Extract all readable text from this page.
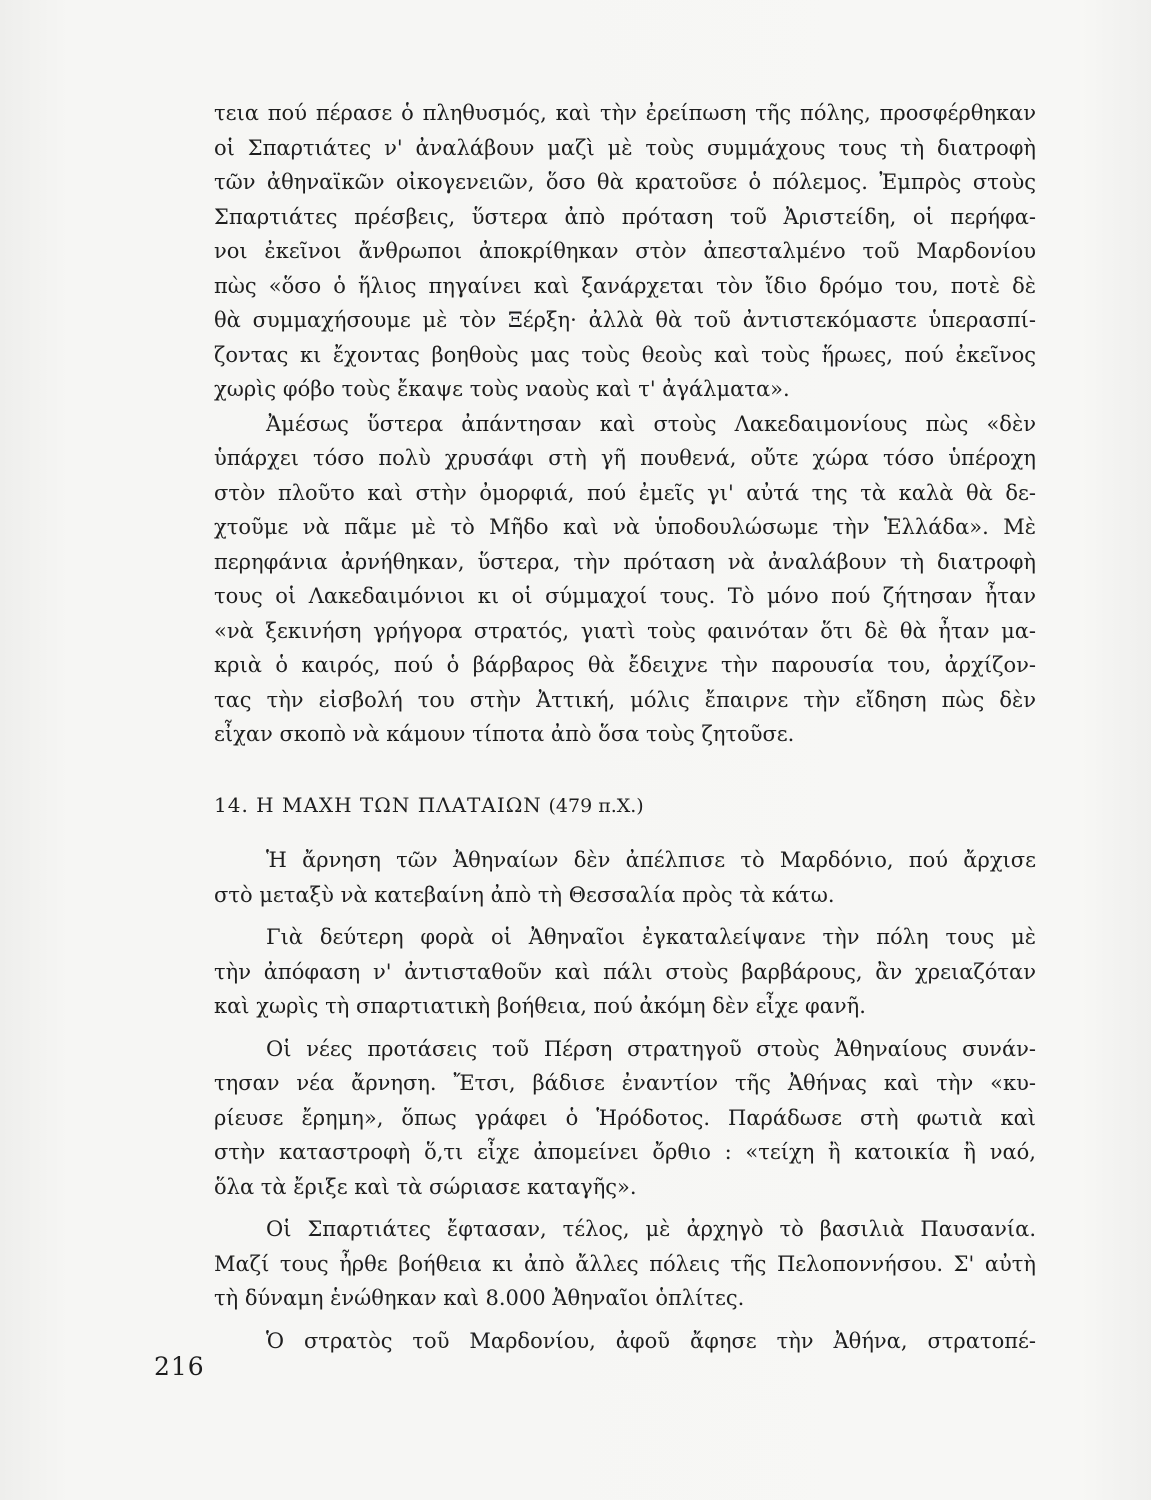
τεια πού πέρασε ὁ πληθυσμός, καὶ τὴν ἐρείπωση τῆς πόλης, προσφέρθηκαν

οἱ Σπαρτιάτες ν' ἀναλάβουν μαζὶ μὲ τοὺς συμμάχους τους τὴ διατροφὴ

τῶν ἀθηναϊκῶν οἰκογενειῶν, ὅσο θὰ κρατοῦσε ὁ πόλεμος. Ἐμπρὸς στοὺς

Σπαρτιάτες πρέσβεις, ὕστερα ἀπὸ πρόταση τοῦ Ἀριστείδη, οἱ περήφα-

νοι ἐκεῖνοι ἄνθρωποι ἀποκρίθηκαν στὸν ἀπεσταλμένο τοῦ Μαρδονίου

πὼς «ὅσο ὁ ἥλιος πηγαίνει καὶ ξανάρχεται τὸν ἴδιο δρόμο του, ποτὲ δὲ

θὰ συμμαχήσουμε μὲ τὸν Ξέρξη· ἀλλὰ θὰ τοῦ ἀντιστεκόμαστε ὑπερασπί-

ζοντας κι ἔχοντας βοηθοὺς μας τοὺς θεοὺς καὶ τοὺς ἥρωες, πού ἐκεῖνος

χωρὶς φόβο τοὺς ἔκαψε τοὺς ναοὺς καὶ τ' ἀγάλματα».

Ἀμέσως ὕστερα ἀπάντησαν καὶ στοὺς Λακεδαιμονίους πὼς «δὲν

ὑπάρχει τόσο πολὺ χρυσάφι στὴ γῆ πουθενά, οὔτε χώρα τόσο ὑπέροχη

στὸν πλοῦτο καὶ στὴν ὀμορφιά, πού ἐμεῖς γι' αὐτά της τὰ καλὰ θὰ δε-

χτοῦμε νὰ πᾶμε μὲ τὸ Μῆδο καὶ νὰ ὑποδουλώσωμε τὴν Ἑλλάδα». Μὲ

περηφάνια ἀρνήθηκαν, ὕστερα, τὴν πρόταση νὰ ἀναλάβουν τὴ διατροφὴ

τους οἱ Λακεδαιμόνιοι κι οἱ σύμμαχοί τους. Τὸ μόνο πού ζήτησαν ἦταν

«νὰ ξεκινήση γρήγορα στρατός, γιατὶ τοὺς φαινόταν ὅτι δὲ θὰ ἦταν μα-

κριὰ ὁ καιρός, πού ὁ βάρβαρος θὰ ἔδειχνε τὴν παρουσία του, ἀρχίζον-

τας τὴν εἰσβολή του στὴν Ἀττική, μόλις ἔπαιρνε τὴν εἴδηση πὼς δὲν

εἶχαν σκοπὸ νὰ κάμουν τίποτα ἀπὸ ὅσα τοὺς ζητοῦσε.

14. Η ΜΑΧΗ ΤΩΝ ΠΛΑΤΑΙΩΝ (479 π.Χ.)

Ἡ ἄρνηση τῶν Ἀθηναίων δὲν ἀπέλπισε τὸ Μαρδόνιο, πού ἄρχισε

στὸ μεταξὺ νὰ κατεβαίνη ἀπὸ τὴ Θεσσαλία πρὸς τὰ κάτω.

Γιὰ δεύτερη φορὰ οἱ Ἀθηναῖοι ἐγκαταλείψανε τὴν πόλη τους μὲ

τὴν ἀπόφαση ν' ἀντισταθοῦν καὶ πάλι στοὺς βαρβάρους, ἂν χρειαζόταν

καὶ χωρὶς τὴ σπαρτιατικὴ βοήθεια, πού ἀκόμη δὲν εἶχε φανῆ.

Οἱ νέες προτάσεις τοῦ Πέρση στρατηγοῦ στοὺς Ἀθηναίους συνάν-

τησαν νέα ἄρνηση. Ἔτσι, βάδισε ἐναντίον τῆς Ἀθήνας καὶ τὴν «κυ-

ρίευσε ἔρημη», ὅπως γράφει ὁ Ἡρόδοτος. Παράδωσε στὴ φωτιὰ καὶ

στὴν καταστροφὴ ὅ,τι εἶχε ἀπομείνει ὄρθιο : «τείχη ἢ κατοικία ἢ ναό,

ὅλα τὰ ἔριξε καὶ τὰ σώριασε καταγῆς».

Οἱ Σπαρτιάτες ἔφτασαν, τέλος, μὲ ἀρχηγὸ τὸ βασιλιὰ Παυσανία.

Μαζί τους ἦρθε βοήθεια κι ἀπὸ ἄλλες πόλεις τῆς Πελοποννήσου. Σ' αὐτὴ

τὴ δύναμη ἑνώθηκαν καὶ 8.000 Ἀθηναῖοι ὁπλίτες.

Ὁ στρατὸς τοῦ Μαρδονίου, ἀφοῦ ἄφησε τὴν Ἀθήνα, στρατοπέ-

216
